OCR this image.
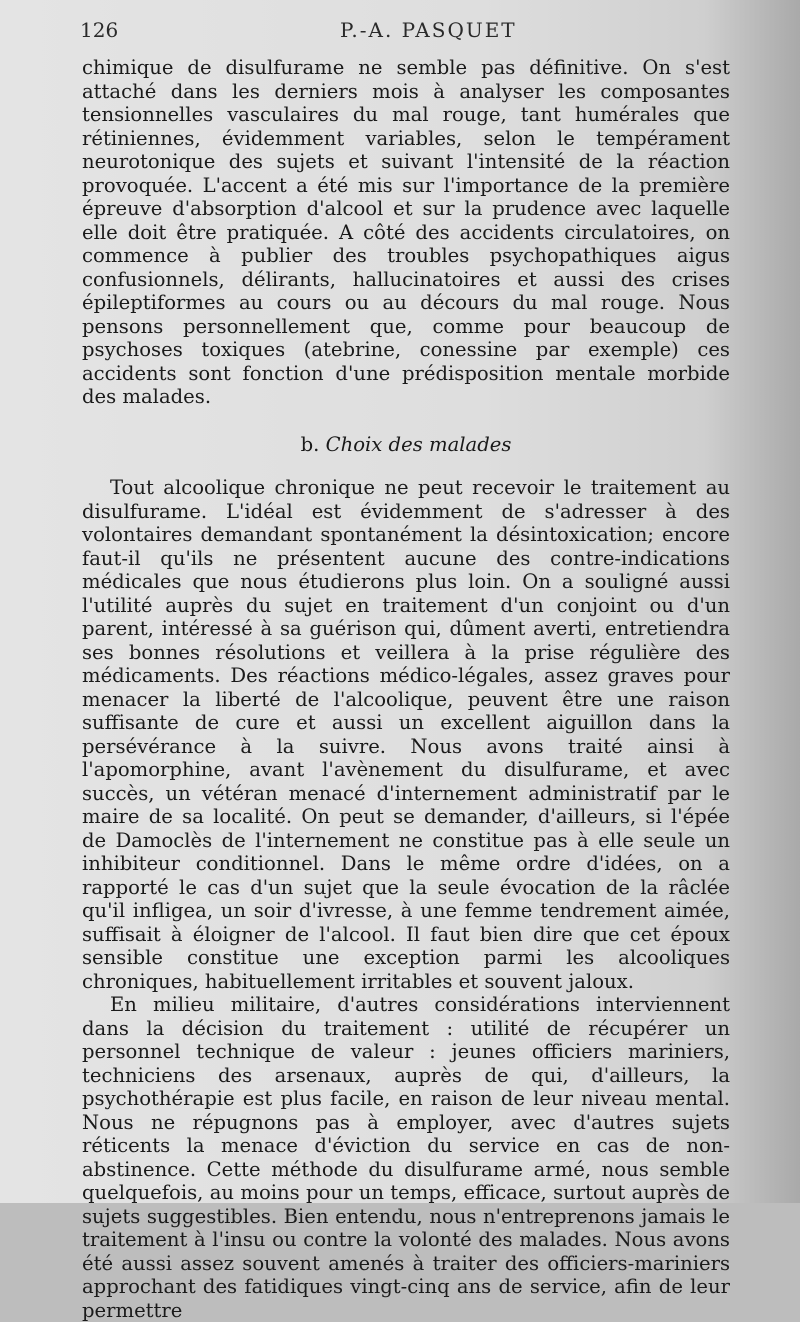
126	P.-A. PASQUET

chimique de disulfurame ne semble pas définitive. On s'est attaché dans les derniers mois à analyser les composantes tensionnelles vasculaires du mal rouge, tant humérales que rétiniennes, évidemment variables, selon le tempérament neurotonique des sujets et suivant l'intensité de la réaction provoquée. L'accent a été mis sur l'importance de la première épreuve d'absorption d'alcool et sur la prudence avec laquelle elle doit être pratiquée. A côté des accidents circulatoires, on commence à publier des troubles psychopathiques aigus confusionnels, délirants, hallucinatoires et aussi des crises épileptiformes au cours ou au décours du mal rouge. Nous pensons personnellement que, comme pour beaucoup de psychoses toxiques (atebrine, conessine par exemple) ces accidents sont fonction d'une prédisposition mentale morbide des malades.

b. Choix des malades

Tout alcoolique chronique ne peut recevoir le traitement au disulfurame. L'idéal est évidemment de s'adresser à des volontaires demandant spontanément la désintoxication; encore faut-il qu'ils ne présentent aucune des contre-indications médicales que nous étudierons plus loin. On a souligné aussi l'utilité auprès du sujet en traitement d'un conjoint ou d'un parent, intéressé à sa guérison qui, dûment averti, entretiendra ses bonnes résolutions et veillera à la prise régulière des médicaments. Des réactions médico-légales, assez graves pour menacer la liberté de l'alcoolique, peuvent être une raison suffisante de cure et aussi un excellent aiguillon dans la persévérance à la suivre. Nous avons traité ainsi à l'apomorphine, avant l'avènement du disulfurame, et avec succès, un vétéran menacé d'internement administratif par le maire de sa localité. On peut se demander, d'ailleurs, si l'épée de Damoclès de l'internement ne constitue pas à elle seule un inhibiteur conditionnel. Dans le même ordre d'idées, on a rapporté le cas d'un sujet que la seule évocation de la râclée qu'il infligea, un soir d'ivresse, à une femme tendrement aimée, suffisait à éloigner de l'alcool. Il faut bien dire que cet époux sensible constitue une exception parmi les alcooliques chroniques, habituellement irritables et souvent jaloux.

En milieu militaire, d'autres considérations interviennent dans la décision du traitement : utilité de récupérer un personnel technique de valeur : jeunes officiers mariniers, techniciens des arsenaux, auprès de qui, d'ailleurs, la psychothérapie est plus facile, en raison de leur niveau mental. Nous ne répugnons pas à employer, avec d'autres sujets réticents la menace d'éviction du service en cas de non-abstinence. Cette méthode du disulfurame armé, nous semble quelquefois, au moins pour un temps, efficace, surtout auprès de sujets suggestibles. Bien entendu, nous n'entreprenons jamais le traitement à l'insu ou contre la volonté des malades. Nous avons été aussi assez souvent amenés à traiter des officiers-mariniers approchant des fatidiques vingt-cinq ans de service, afin de leur permettre
